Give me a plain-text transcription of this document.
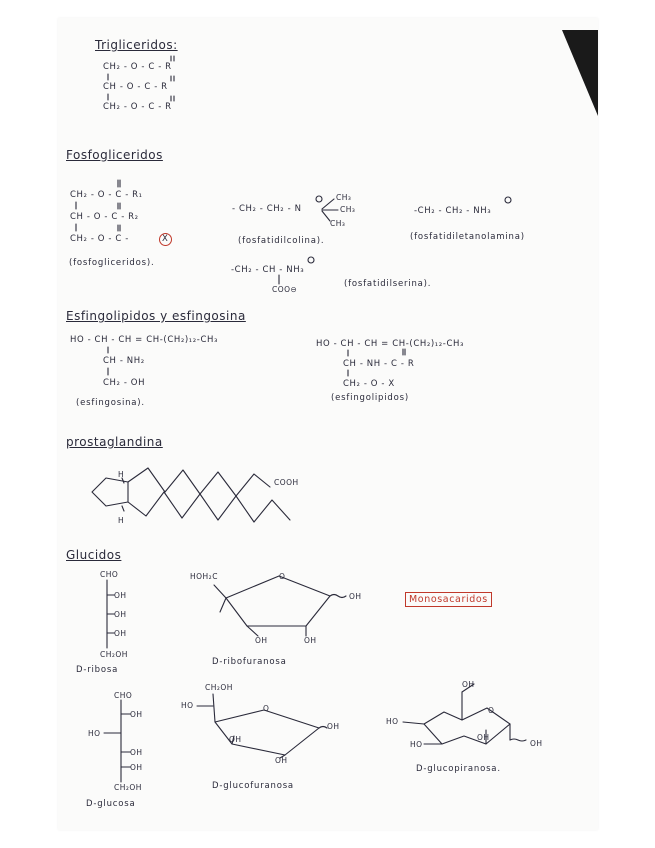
Trigliceridos:
CH₂ - O - C - R
CH - O - C - R
CH₂ - O - C - R
Fosfogliceridos
CH₂ - O - C - R₁
CH - O - C - R₂
CH₂ - O - C -	X
(fosfogliceridos).
- CH₂ - CH₂ - N
CH₃
CH₃
CH₃
(fosfatidilcolina).
-CH₂ - CH₂ - NH₃
(fosfatidiletanolamina)
-CH₂ - CH - NH₃
COO⊖
(fosfatidilserina).
Esfingolipidos y esfingosina
HO - CH - CH = CH-(CH₂)₁₂-CH₃
CH - NH₂
CH₂ - OH
(esfingosina).
HO - CH - CH = CH-(CH₂)₁₂-CH₃
CH - NH - C - R
CH₂ - O - X
(esfingolipidos)
prostaglandina
COOH
H
H
Glucidos
Monosacaridos
CHO
OH
OH
OH
CH₂OH
D-ribosa
HOH₂C	O
OH
OH	OH
D-ribofuranosa
CHO
OH
HO
OH
OH
CH₂OH
D-glucosa
CH₂OH
HO	O
OH
OH
OH
D-glucofuranosa
OH
O
HO
HO
OH
OH
D-glucopiranosa.
